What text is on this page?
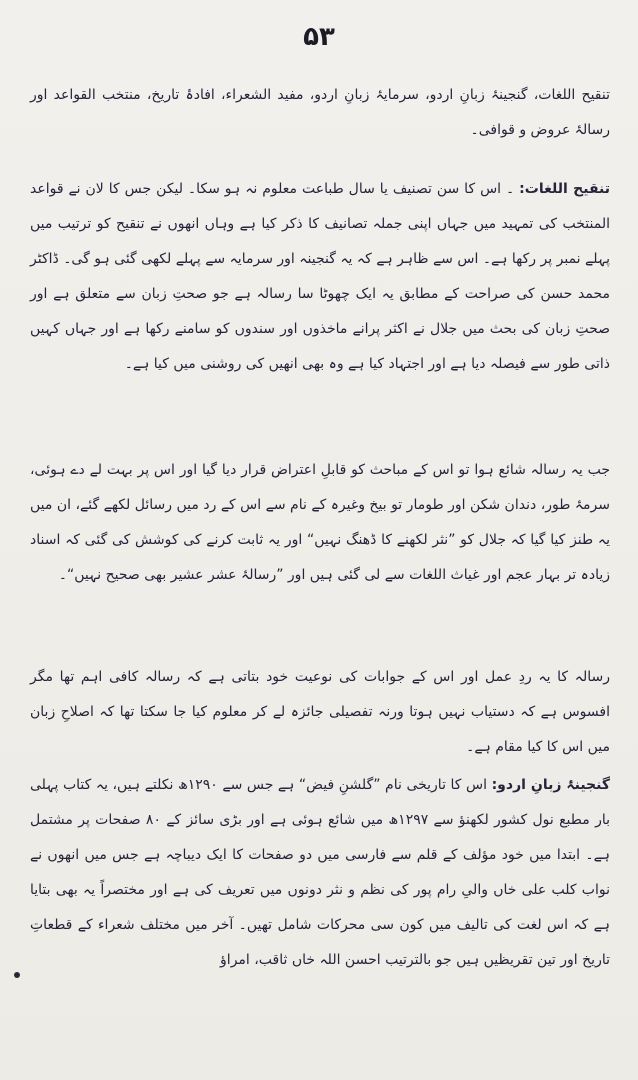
۵۳

تنقیح اللغات، گنجینۂ زبانِ اردو، سرمایۂ زبانِ اردو، مفید الشعراء، افادۂ تاریخ، منتخب القواعد اور رسالۂ عروض و قوافی۔

تنقیح اللغات: ۔ اس کا سن تصنیف یا سال طباعت معلوم نہ ہو سکا۔ لیکن جس کا لان نے قواعد المنتخب کی تمہید میں جہاں اپنی جملہ تصانیف کا ذکر کیا ہے وہاں انھوں نے تنقیح کو ترتیب میں پہلے نمبر پر رکھا ہے۔ اس سے ظاہر ہے کہ یہ گنجینہ اور سرمایہ سے پہلے لکھی گئی ہو گی۔ ڈاکٹر محمد حسن کی صراحت کے مطابق یہ ایک چھوٹا سا رسالہ ہے جو صحتِ زبان سے متعلق ہے اور صحتِ زبان کی بحث میں جلال نے اکثر پرانے ماخذوں اور سندوں کو سامنے رکھا ہے اور جہاں کہیں ذاتی طور سے فیصلہ دیا ہے اور اجتہاد کیا ہے وہ بھی انھیں کی روشنی میں کیا ہے۔

جب یہ رسالہ شائع ہوا تو اس کے مباحث کو قابلِ اعتراض قرار دیا گیا اور اس پر بہت لے دے ہوئی، سرمۂ طور، دندان شکن اور طومار تو بیخ وغیرہ کے نام سے اس کے رد میں رسائل لکھے گئے، ان میں یہ طنز کیا گیا کہ جلال کو ”نثر لکھنے کا ڈھنگ نہیں“ اور یہ ثابت کرنے کی کوشش کی گئی کہ اسناد زیادہ تر بہار عجم اور غیاث اللغات سے لی گئی ہیں اور ”رسالۂ عشر عشیر بھی صحیح نہیں“۔

رسالہ کا یہ ردِ عمل اور اس کے جوابات کی نوعیت خود بتاتی ہے کہ رسالہ کافی اہم تھا مگر افسوس ہے کہ دستیاب نہیں ہوتا ورنہ تفصیلی جائزہ لے کر معلوم کیا جا سکتا تھا کہ اصلاحِ زبان میں اس کا کیا مقام ہے۔

گنجینۂ زبانِ اردو: اس کا تاریخی نام ”گلشنِ فیض“ ہے جس سے ۱۲۹۰ھ نکلتے ہیں، یہ کتاب پہلی بار مطبع نول کشور لکھنؤ سے ۱۲۹۷ھ میں شائع ہوئی ہے اور بڑی سائز کے ۸۰ صفحات پر مشتمل ہے۔ ابتدا میں خود مؤلف کے قلم سے فارسی میں دو صفحات کا ایک دیباچہ ہے جس میں انھوں نے نواب کلب علی خاں والیِ رام پور کی نظم و نثر دونوں میں تعریف کی ہے اور مختصراً یہ بھی بتایا ہے کہ اس لغت کی تالیف میں کون سی محرکات شامل تھیں۔ آخر میں مختلف شعراء کے قطعاتِ تاریخ اور تین تقریظیں ہیں جو بالترتیب احسن اللہ خاں ثاقب، امراؤ
